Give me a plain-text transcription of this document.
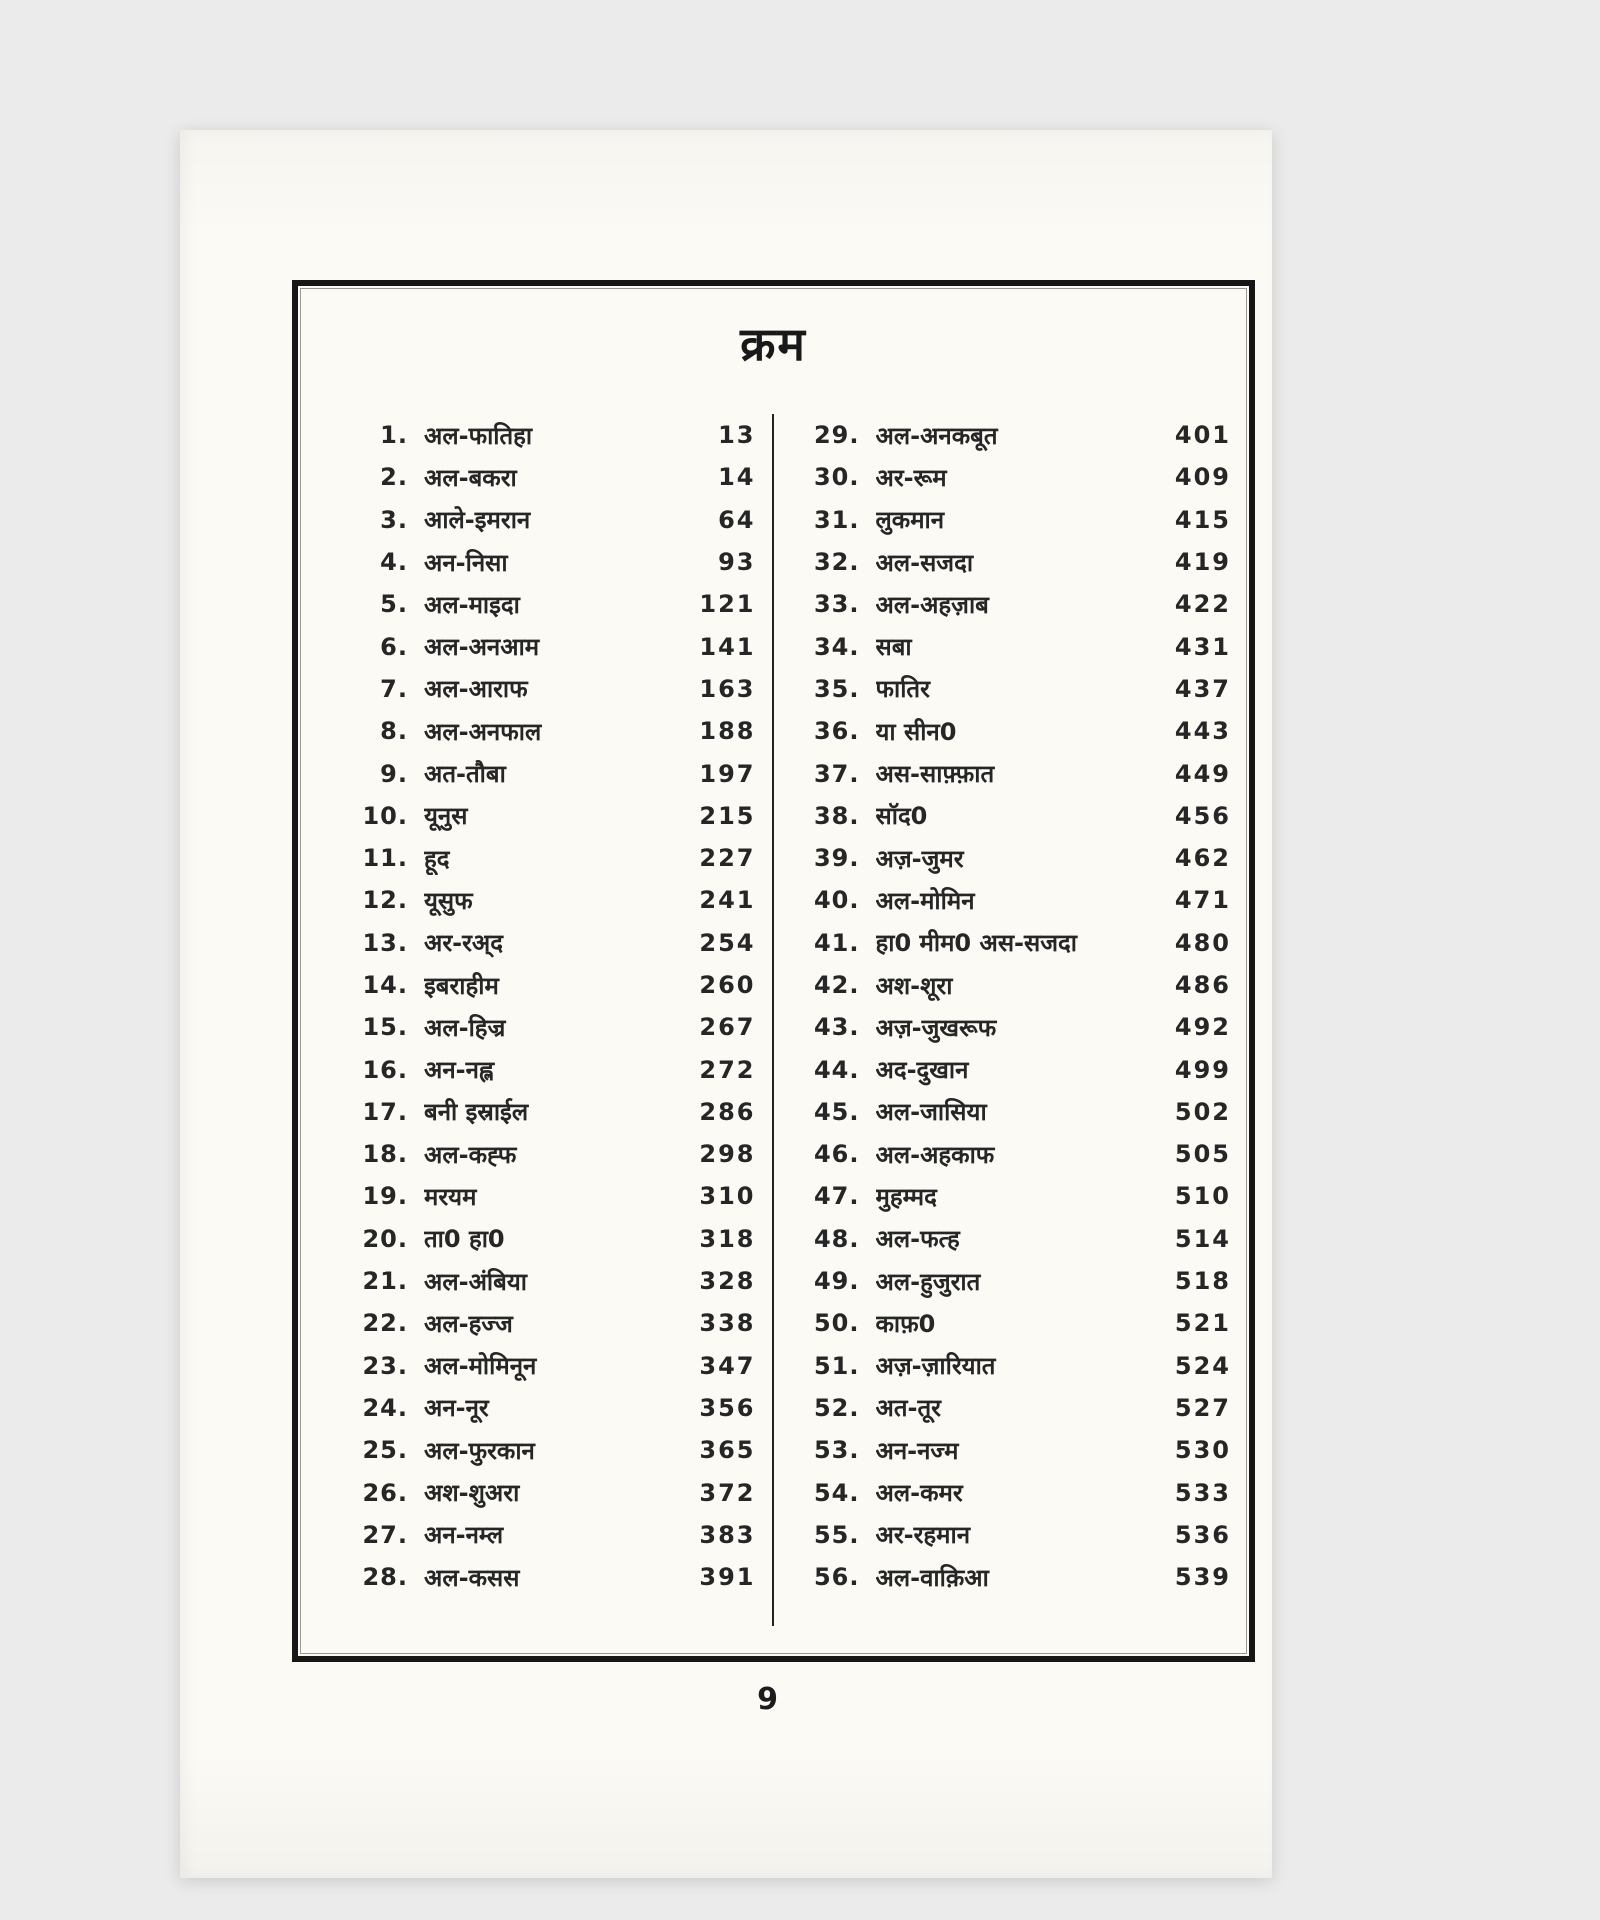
क्रम
1. अल-फातिहा	13
2. अल-बकरा	14
3. आले-इमरान	64
4. अन-निसा	93
5. अल-माइदा	121
6. अल-अनआम	141
7. अल-आराफ	163
8. अल-अनफाल	188
9. अत-तौबा	197
10. यूनुस	215
11. हूद	227
12. यूसुफ	241
13. अर-रअ्द	254
14. इबराहीम	260
15. अल-हिज्र	267
16. अन-नह्ल	272
17. बनी इस्राईल	286
18. अल-कह्फ	298
19. मरयम	310
20. ता0 हा0	318
21. अल-अंबिया	328
22. अल-हज्ज	338
23. अल-मोमिनून	347
24. अन-नूर	356
25. अल-फुरकान	365
26. अश-शुअरा	372
27. अन-नम्ल	383
28. अल-कसस	391
29. अल-अनकबूत	401
30. अर-रूम	409
31. लुकमान	415
32. अल-सजदा	419
33. अल-अहज़ाब	422
34. सबा	431
35. फातिर	437
36. या सीन0	443
37. अस-साफ़्फ़ात	449
38. सॉद0	456
39. अज़-जुमर	462
40. अल-मोमिन	471
41. हा0 मीम0 अस-सजदा	480
42. अश-शूरा	486
43. अज़-जुखरूफ	492
44. अद-दुखान	499
45. अल-जासिया	502
46. अल-अहकाफ	505
47. मुहम्मद	510
48. अल-फत्ह	514
49. अल-हुजुरात	518
50. काफ़0	521
51. अज़-ज़ारियात	524
52. अत-तूर	527
53. अन-नज्म	530
54. अल-कमर	533
55. अर-रहमान	536
56. अल-वाक़िआ	539
9
